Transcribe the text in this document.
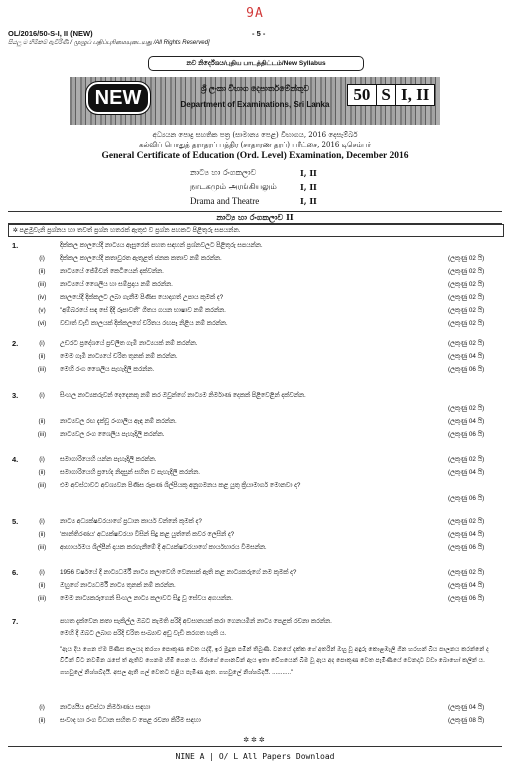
9A
OL/2016/50-S-I, II (NEW)	- 5 -
සියලු ම හිමිකම් ඇවිරිණි / முழுப் பதிப்புரிமையுடையது /All Rights Reserved]
නව නිර්දේශය/புதிய பாடத்திட்டம்/New Syllabus
ශ්‍රී ලංකා විභාග දෙපාර්තමේන්තුව
Department of Examinations, Sri Lanka
NEW	50 S I, II
අධ්‍යයන පොදු සහතික පත්‍ර (සාමාන්‍ය පෙළ) විභාගය, 2016 දෙසැම්බර්
கல்விப் பொதுத் தராதரப் பத்திர (சாதாரண தரப்) பரீட்சை, 2016 டிசெம்பர்
General Certificate of Education (Ord. Level) Examination, December 2016
නාට්‍ය හා රංගකලාව	I, II
நாடகமும் அரங்கியலும்	I, II
Drama and Theatre	I, II
නාට්‍ය හා රංගකලාව II
✲ පළමුවැනි ප්‍රශ්නය හා තවත් ප්‍රශ්න හතරක් ඇතුළු ව ප්‍රශ්න පහකට පිළිතුරු සපයන්න.
1.	දික්කල කාලයේදී නාට්‍යය ඇසුරෙන් පහත සඳහන් ප්‍රශ්නවලට පිළිතුරු සපයන්න.
(i)	දික්කල කාලයේදී කතාවුරත ඇතුළත් ජනක කතාව නම් කරන්න.	(ලකුණු 02 යි)
(ii)	නාට්‍යයේ ජේමිචන් කෙටියෙන් දක්වන්න.	(ලකුණු 02 යි)
(iii)	නාට්‍යයේ ශෛලිය හා සම්ප්‍රදාය නම් කරන්න.	(ලකුණු 02 යි)
(iv)	කාලයේදී දික්කලට ලබා ගැනීම පිණිස යොදාගත් උපාය කුමක් ද?	(ලකුණු 02 යි)
(v)	"අම්බරයේ සඳ සේ දිදී රූපාවතී" ගීතය ගයන භාෂාව නම් කරන්න.	(ලකුණු 02 යි)
(vi)	වඩාත් වැඩි කාලයක් දික්කලගේ චරිතය රඟපෑ නිළිය නම් කරන්න.	(ලකුණු 02 යි)
2.	(i)	උඩරට ප්‍රදේශයේ ප්‍රචලිත ගැමි නාට්‍යයක් නම් කරන්න.	(ලකුණු 02 යි)
(ii)	මෙම ගැමි නාට්‍යයේ චරිත තුනක් නම් කරන්න.	(ලකුණු 04 යි)
(iii)	මෙහි රංග ශෛලිය පැහැදිලි කරන්න.	(ලකුණු 06 යි)
3.	(i)	සිංහල නාට්‍යකරුවන් දෙදෙනකු නම් කර ඔවුන්ගේ නාට්‍යම නිර්මාණ දෙකක් පිළිවෙළින් දක්වන්න.
(ලකුණු 02 යි)
(ii)	නාට්‍යවල රඟ දැක්වූ රංගාලිය ඇඳ නම් කරන්න.	(ලකුණු 04 යි)
(iii)	නාට්‍යවල රංග ශෛලිය පැහැදිලි කරන්න.	(ලකුණු 06 යි)
4.	(i)	සමාගාරියෙහි යන්න පැහැදිලි කරන්න.	(ලකුණු 02 යි)
(ii)	සමාගාරියෙහි ප්‍රභේද නිදසුන් සහිත ව පැහැදිලි කරන්න.	(ලකුණු 04 යි)
(iii)	එම අවස්ථාවට අවශ්‍යවන පිණිස රූපණ ශිල්පියකු අනුගමනය කළ යුතු ක්‍රියාමාර්ග මොනවා ද?
(ලකුණු 06 යි)
5.	(i)	නාට්‍ය අධ්‍යක්ෂවරයාගේ ප්‍රධාන කාර්ය වන්නේ කුමක් ද?	(ලකුණු 02 යි)
(ii)	'කාන්තිරණය' අධ්‍යක්ෂවරයා විසින් සිදු කළ යුත්තේ කවර ලෙසින් ද?	(ලකුණු 04 යි)
(iii)	ආහාර්යමය ශිල්පීන් දායක කරගැනීමේ දී අධ්‍යක්ෂවරයාගේ කාර්යභාරය විමසන්න.	(ලකුණු 06 යි)
6.	(i)	1956 වර්ෂයේ දී නාට්‍යධර්මී නාට්‍ය කලාවෙහි වෙනසක් ඇති කළ නාට්‍යකරුගේ නම කුමක් ද?	(ලකුණු 02 යි)
(ii)	ඔහුගේ නාට්‍යධර්මී නාට්‍ය තුනක් නම් කරන්න.	(ලකුණු 04 යි)
(iii)	මෙම නාට්‍යකරුගෙන් සිංහල නාට්‍ය කලාවට සිදු වූ සේවය අගයන්න.	(ලකුණු 06 යි)
7.	පහත දැක්වෙන කතා සැකිල්ල ඔබට කැමති පරිදි අවසානයක් කරා ගෙනයමින් නාට්‍ය පෙළක් රචනා කරන්න.
මෙහි දී ඔබට ලබාග පරිදි චරිත සංඛ්‍යාව අඩු වැඩි කරගත හැකි ය.
"ඇය දිය ගෙන ඒම පිණිස කලයද කරගා පොකුණ වෙත යද්දී, ඉර මුදුන පමින් තිබුණි. වනයේ දැක්ක ගේ අතරින් ඔහු වූ අඳුරු කොළඹෑලි ගින හරහන් බීය පාලනය කරන්නේ ද විටින් විට නවමින රැසේ ත් ඇතිව ගෙනම හිමි ගෙන ය. ගිරාගේ ගොනවින් ඇය ඉතා වේගයෙන් බිම වූ ඇය අද පොකුණ වෙත පැමිණියේ වෙනදාට වඩා බොහෝ කලින් ය. ගහවුලේ නිශ්ශබ්දයී. අසල ඇති ගල් වෙතට එළිය පැමිණ ඇත. ගහවුලේ නිශ්ශබ්දයී. ..........."
(i)	නාට්‍යයීය අවස්ථා නිර්මාණය සඳහා	(ලකුණු 04 යි)
(ii)	සංවාද හා රංග විධාන සහිත ව පෙළ රචනා කිරීම සඳහා	(ලකුණු 08 යි)
✲✲✲
NINE A | O/ L All Papers Download
